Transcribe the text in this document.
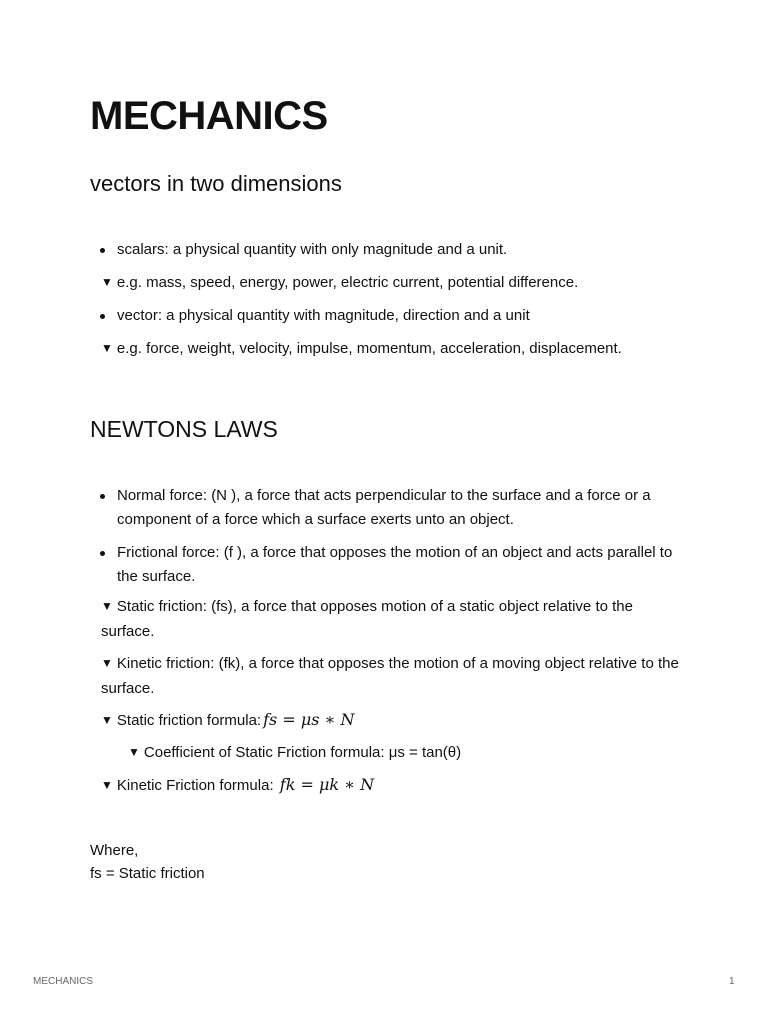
MECHANICS
vectors in two dimensions
scalars: a physical quantity with only magnitude and a unit.
▼ e.g. mass, speed, energy, power, electric current, potential difference.
vector: a physical quantity with magnitude, direction and a unit
▼ e.g. force, weight, velocity, impulse, momentum, acceleration, displacement.
NEWTONS LAWS
Normal force: (N ), a force that acts perpendicular to the surface and a force or a component of a force which a surface exerts unto an object.
Frictional force: (f ), a force that opposes the motion of an object and acts parallel to the surface.
▼ Static friction: (fs), a force that opposes motion of a static object relative to the surface.
▼ Kinetic friction: (fk), a force that opposes the motion of a moving object relative to the surface.
▼ Static friction formula: fs = μs ∗ N
▼ Coefficient of Static Friction formula: μs = tan(θ)
▼ Kinetic Friction formula: fk = μk ∗ N
Where,
fs = Static friction
MECHANICS	1
